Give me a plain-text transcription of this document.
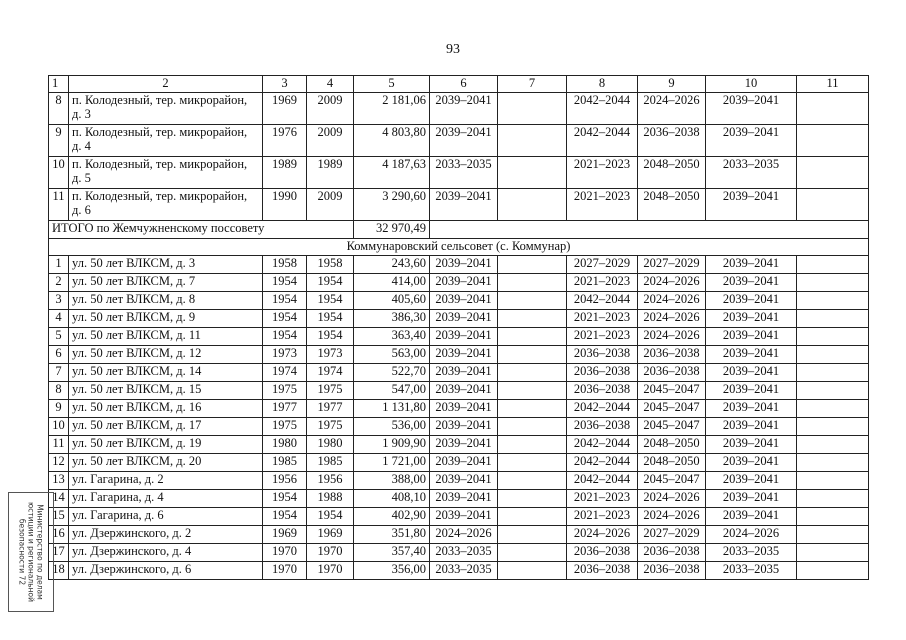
93
1	2	3	4	5	6	7	8	9	10	11
8	п. Колодезный, тер. микрорайон, д. 3	1969	2009	2 181,06	2039–2041		2042–2044	2024–2026	2039–2041	
9	п. Колодезный, тер. микрорайон, д. 4	1976	2009	4 803,80	2039–2041		2042–2044	2036–2038	2039–2041	
10	п. Колодезный, тер. микрорайон, д. 5	1989	1989	4 187,63	2033–2035		2021–2023	2048–2050	2033–2035	
11	п. Колодезный, тер. микрорайон, д. 6	1990	2009	3 290,60	2039–2041		2021–2023	2048–2050	2039–2041	
ИТОГО по Жемчужненскому поссовету				32 970,49						
Коммунаровский сельсовет (с. Коммунар)										
1	ул. 50 лет ВЛКСМ, д. 3	1958	1958	243,60	2039–2041		2027–2029	2027–2029	2039–2041	
2	ул. 50 лет ВЛКСМ, д. 7	1954	1954	414,00	2039–2041		2021–2023	2024–2026	2039–2041	
3	ул. 50 лет ВЛКСМ, д. 8	1954	1954	405,60	2039–2041		2042–2044	2024–2026	2039–2041	
4	ул. 50 лет ВЛКСМ, д. 9	1954	1954	386,30	2039–2041		2021–2023	2024–2026	2039–2041	
5	ул. 50 лет ВЛКСМ, д. 11	1954	1954	363,40	2039–2041		2021–2023	2024–2026	2039–2041	
6	ул. 50 лет ВЛКСМ, д. 12	1973	1973	563,00	2039–2041		2036–2038	2036–2038	2039–2041	
7	ул. 50 лет ВЛКСМ, д. 14	1974	1974	522,70	2039–2041		2036–2038	2036–2038	2039–2041	
8	ул. 50 лет ВЛКСМ, д. 15	1975	1975	547,00	2039–2041		2036–2038	2045–2047	2039–2041	
9	ул. 50 лет ВЛКСМ, д. 16	1977	1977	1 131,80	2039–2041		2042–2044	2045–2047	2039–2041	
10	ул. 50 лет ВЛКСМ, д. 17	1975	1975	536,00	2039–2041		2036–2038	2045–2047	2039–2041	
11	ул. 50 лет ВЛКСМ, д. 19	1980	1980	1 909,90	2039–2041		2042–2044	2048–2050	2039–2041	
12	ул. 50 лет ВЛКСМ, д. 20	1985	1985	1 721,00	2039–2041		2042–2044	2048–2050	2039–2041	
13	ул. Гагарина, д. 2	1956	1956	388,00	2039–2041		2042–2044	2045–2047	2039–2041	
14	ул. Гагарина, д. 4	1954	1988	408,10	2039–2041		2021–2023	2024–2026	2039–2041	
15	ул. Гагарина, д. 6	1954	1954	402,90	2039–2041		2021–2023	2024–2026	2039–2041	
16	ул. Дзержинского, д. 2	1969	1969	351,80	2024–2026		2024–2026	2027–2029	2024–2026	
17	ул. Дзержинского, д. 4	1970	1970	357,40	2033–2035		2036–2038	2036–2038	2033–2035	
18	ул. Дзержинского, д. 6	1970	1970	356,00	2033–2035		2036–2038	2036–2038	2033–2035	
Министерство по делам юстиции и региональной безопасности 72
